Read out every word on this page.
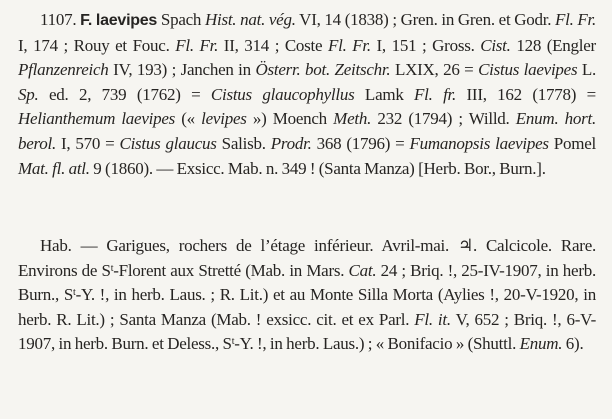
1107. F. laevipes Spach Hist. nat. vég. VI, 14 (1838) ; Gren. in Gren. et Godr. Fl. Fr. I, 174 ; Rouy et Fouc. Fl. Fr. II, 314 ; Coste Fl. Fr. I, 151 ; Gross. Cist. 128 (Engler Pflanzenreich IV, 193) ; Janchen in Österr. bot. Zeitschr. LXIX, 26 = Cistus laevipes L. Sp. ed. 2, 739 (1762) = Cistus glaucophyllus Lamk Fl. fr. III, 162 (1778) = Helianthemum laevipes (« levipes ») Moench Meth. 232 (1794) ; Willd. Enum. hort. berol. I, 570 = Cistus glaucus Salisb. Prodr. 368 (1796) = Fumanopsis laevipes Pomel Mat. fl. atl. 9 (1860). — Exsicc. Mab. n. 349 ! (Santa Manza) [Herb. Bor., Burn.].

Hab. — Garigues, rochers de l’étage inférieur. Avril-mai. ♃. Calcicole. Rare. Environs de $S^t$-Florent aux Stretté (Mab. in Mars. Cat. 24 ; Briq. !, 25-IV-1907, in herb. Burn., $S^t-Y$. !, in herb. Laus. ; R. Lit.) et au Monte Silla Morta (Aylies !, 20-V-1920, in herb. R. Lit.) ; Santa Manza (Mab. ! exsicc. cit. et ex Parl. Fl. it. V, 652 ; Briq. !, 6-V-1907, in herb. Burn. et Deless., $S^t-Y$. !, in herb. Laus.) ; « Bonifacio » (Shuttl. Enum. 6).
